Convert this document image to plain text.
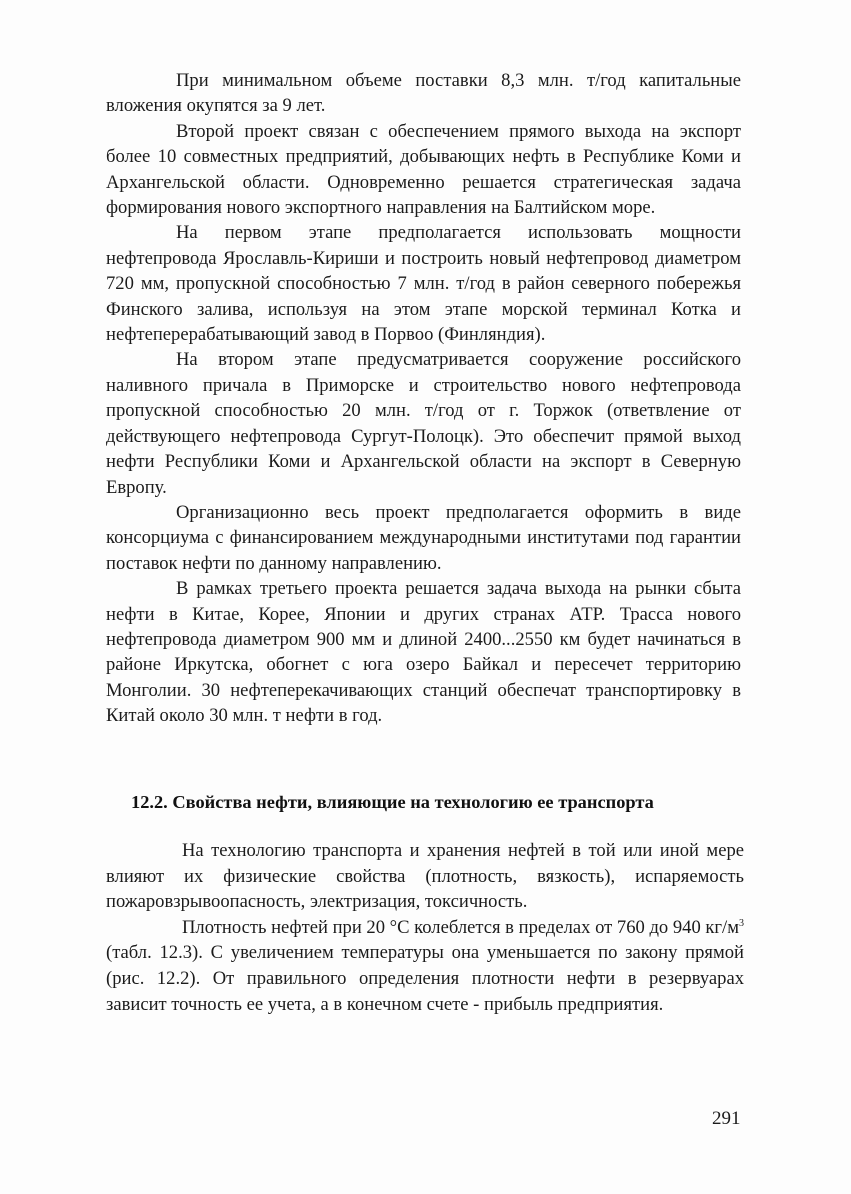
При минимальном объеме поставки 8,3 млн. т/год капитальные вложения окупятся за 9 лет.

Второй проект связан с обеспечением прямого выхода на экспорт более 10 совместных предприятий, добывающих нефть в Республике Коми и Архангельской области. Одновременно решается стратегическая задача формирования нового экспортного направления на Балтийском море.

На первом этапе предполагается использовать мощности нефтепровода Ярославль-Кириши и построить новый нефтепровод диаметром 720 мм, пропускной способностью 7 млн. т/год в район северного побережья Финского залива, используя на этом этапе морской терминал Котка и нефтеперерабатывающий завод в Порвоо (Финляндия).

На втором этапе предусматривается сооружение российского наливного причала в Приморске и строительство нового нефтепровода пропускной способностью 20 млн. т/год от г. Торжок (ответвление от действующего нефтепровода Сургут-Полоцк). Это обеспечит прямой выход нефти Республики Коми и Архангельской области на экспорт в Северную Европу.

Организационно весь проект предполагается оформить в виде консорциума с финансированием международными институтами под гарантии поставок нефти по данному направлению.

В рамках третьего проекта решается задача выхода на рынки сбыта нефти в Китае, Корее, Японии и других странах АТР. Трасса нового нефтепровода диаметром 900 мм и длиной 2400...2550 км будет начинаться в районе Иркутска, обогнет с юга озеро Байкал и пересечет территорию Монголии. 30 нефтеперекачивающих станций обеспечат транспортировку в Китай около 30 млн. т нефти в год.

12.2. Свойства нефти, влияющие на технологию ее транспорта

На технологию транспорта и хранения нефтей в той или иной мере влияют их физические свойства (плотность, вязкость), испаряемость пожаровзрывоопасность, электризация, токсичность.

Плотность нефтей при 20 °С колеблется в пределах от 760 до 940 $кг/м^3$ (табл. 12.3). С увеличением температуры она уменьшается по закону прямой (рис. 12.2). От правильного определения плотности нефти в резервуарах зависит точность ее учета, а в конечном счете - прибыль предприятия.

291
